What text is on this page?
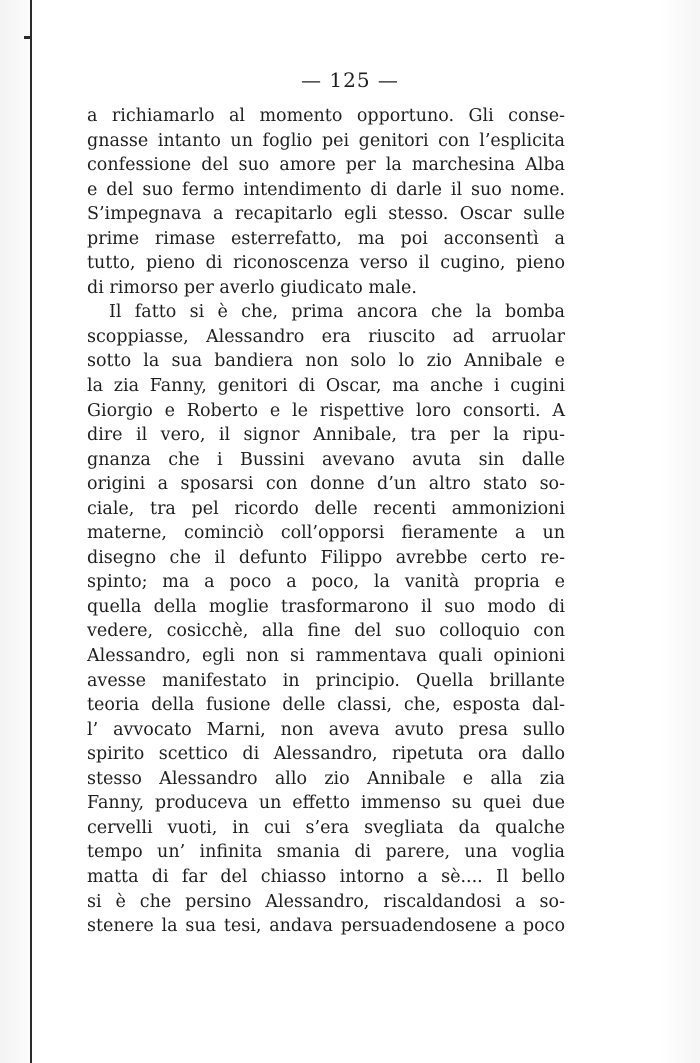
— 125 —
a richiamarlo al momento opportuno. Gli conse-
gnasse intanto un foglio pei genitori con l’esplicita
confessione del suo amore per la marchesina Alba
e del suo fermo intendimento di darle il suo nome.
S’impegnava a recapitarlo egli stesso. Oscar sulle
prime rimase esterrefatto, ma poi acconsentì a
tutto, pieno di riconoscenza verso il cugino, pieno
di rimorso per averlo giudicato male.
Il fatto si è che, prima ancora che la bomba
scoppiasse, Alessandro era riuscito ad arruolar
sotto la sua bandiera non solo lo zio Annibale e
la zia Fanny, genitori di Oscar, ma anche i cugini
Giorgio e Roberto e le rispettive loro consorti. A
dire il vero, il signor Annibale, tra per la ripu-
gnanza che i Bussini avevano avuta sin dalle
origini a sposarsi con donne d’un altro stato so-
ciale, tra pel ricordo delle recenti ammonizioni
materne, cominciò coll’opporsi fieramente a un
disegno che il defunto Filippo avrebbe certo re-
spinto; ma a poco a poco, la vanità propria e
quella della moglie trasformarono il suo modo di
vedere, cosicchè, alla fine del suo colloquio con
Alessandro, egli non si rammentava quali opinioni
avesse manifestato in principio. Quella brillante
teoria della fusione delle classi, che, esposta dal-
l’ avvocato Marni, non aveva avuto presa sullo
spirito scettico di Alessandro, ripetuta ora dallo
stesso Alessandro allo zio Annibale e alla zia
Fanny, produceva un effetto immenso su quei due
cervelli vuoti, in cui s’era svegliata da qualche
tempo un’ infinita smania di parere, una voglia
matta di far del chiasso intorno a sè.... Il bello
si è che persino Alessandro, riscaldandosi a so-
stenere la sua tesi, andava persuadendosene a poco
